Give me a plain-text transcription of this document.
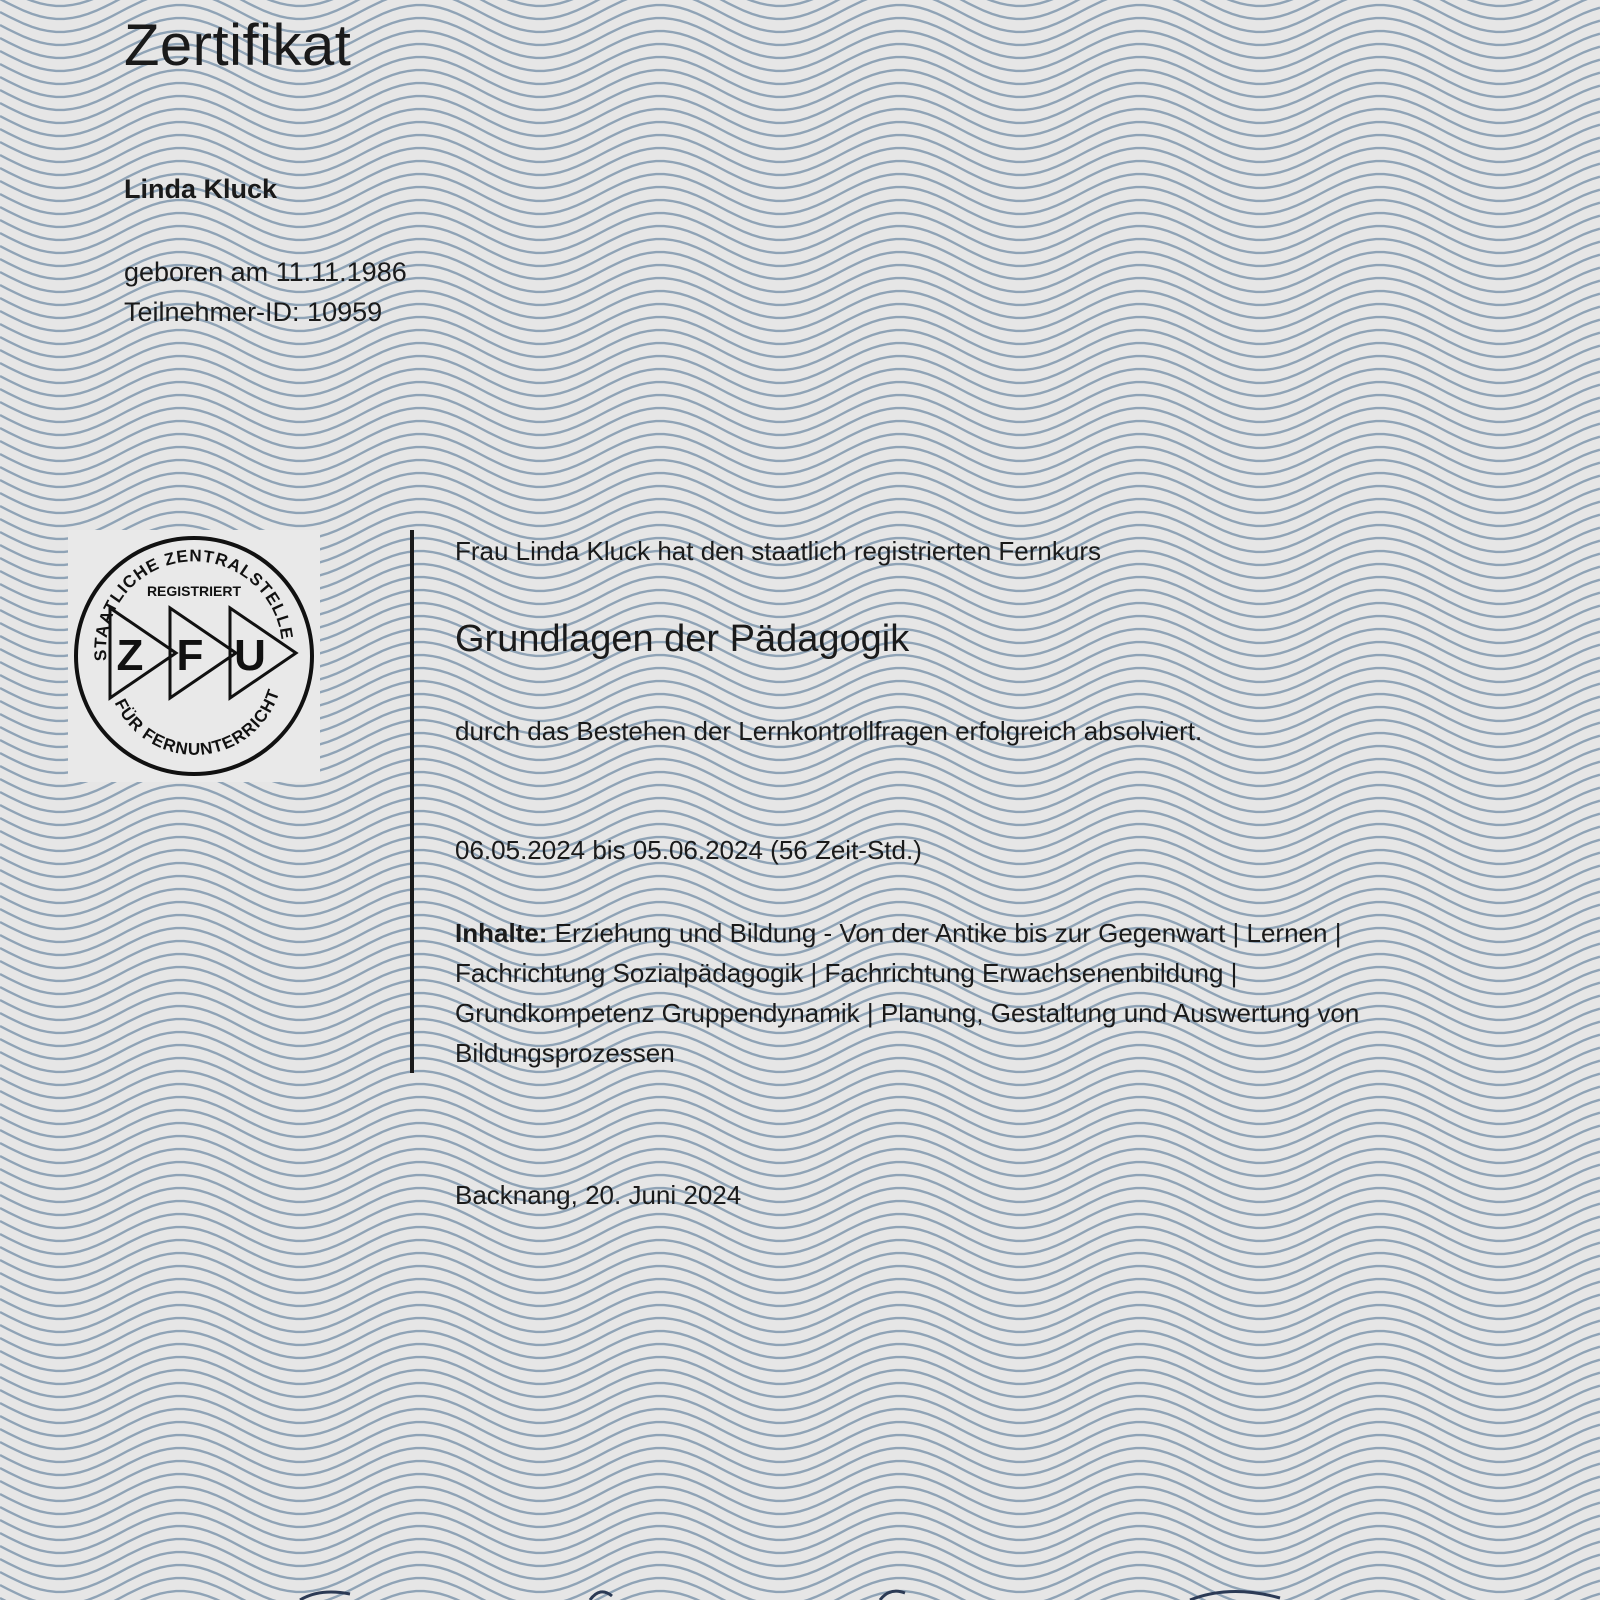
Zertifikat
Linda Kluck
geboren am 11.11.1986
Teilnehmer-ID: 10959
STAATLICHE ZENTRALSTELLE
FÜR FERNUNTERRICHT
REGISTRIERT
Z F U
Frau Linda Kluck hat den staatlich registrierten Fernkurs
Grundlagen der Pädagogik
durch das Bestehen der Lernkontrollfragen erfolgreich absolviert.
06.05.2024 bis 05.06.2024 (56 Zeit-Std.)
Inhalte: Erziehung und Bildung - Von der Antike bis zur Gegenwart | Lernen | Fachrichtung Sozialpädagogik | Fachrichtung Erwachsenenbildung | Grundkompetenz Gruppendynamik | Planung, Gestaltung und Auswertung von Bildungsprozessen
Backnang, 20. Juni 2024
